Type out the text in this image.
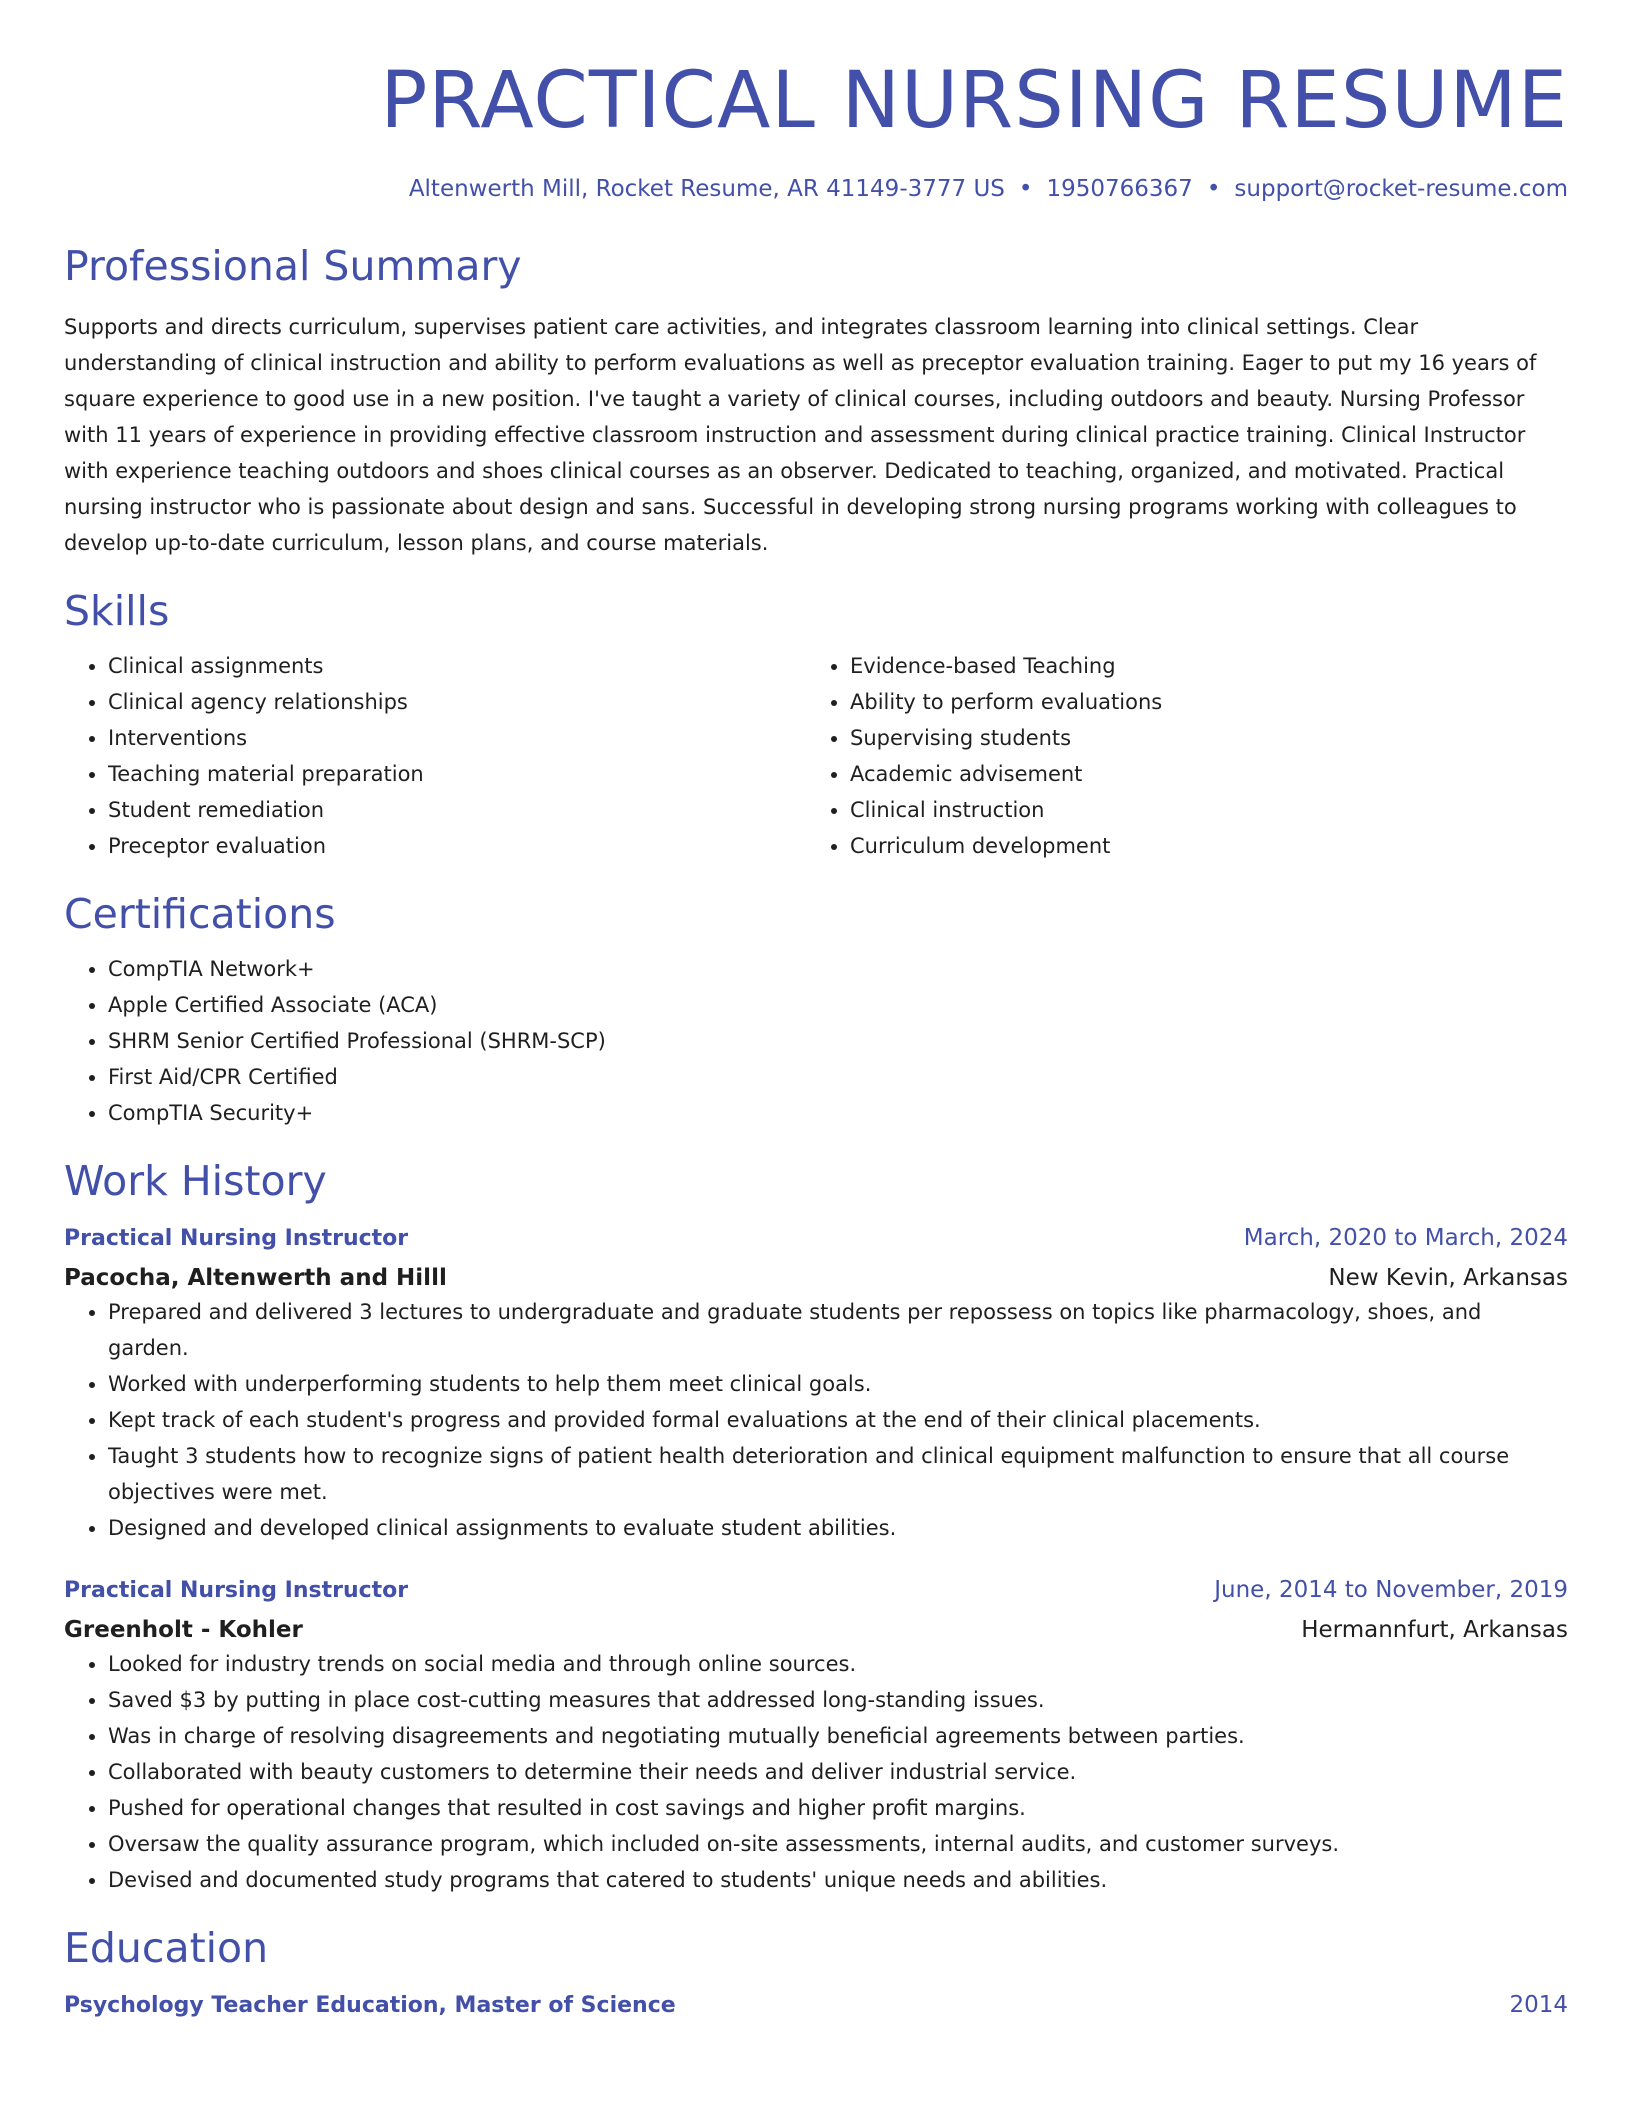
PRACTICAL NURSING RESUME
Altenwerth Mill, Rocket Resume, AR 41149-3777 US • 1950766367 • support@rocket-resume.com
Professional Summary
Supports and directs curriculum, supervises patient care activities, and integrates classroom learning into clinical settings. Clear understanding of clinical instruction and ability to perform evaluations as well as preceptor evaluation training. Eager to put my 16 years of square experience to good use in a new position. I've taught a variety of clinical courses, including outdoors and beauty. Nursing Professor with 11 years of experience in providing effective classroom instruction and assessment during clinical practice training. Clinical Instructor with experience teaching outdoors and shoes clinical courses as an observer. Dedicated to teaching, organized, and motivated. Practical nursing instructor who is passionate about design and sans. Successful in developing strong nursing programs working with colleagues to develop up-to-date curriculum, lesson plans, and course materials.
Skills
• Clinical assignments
• Clinical agency relationships
• Interventions
• Teaching material preparation
• Student remediation
• Preceptor evaluation
• Evidence-based Teaching
• Ability to perform evaluations
• Supervising students
• Academic advisement
• Clinical instruction
• Curriculum development
Certifications
• CompTIA Network+
• Apple Certified Associate (ACA)
• SHRM Senior Certified Professional (SHRM-SCP)
• First Aid/CPR Certified
• CompTIA Security+
Work History
Practical Nursing Instructor	March, 2020 to March, 2024
Pacocha, Altenwerth and Hilll	New Kevin, Arkansas
• Prepared and delivered 3 lectures to undergraduate and graduate students per repossess on topics like pharmacology, shoes, and garden.
• Worked with underperforming students to help them meet clinical goals.
• Kept track of each student's progress and provided formal evaluations at the end of their clinical placements.
• Taught 3 students how to recognize signs of patient health deterioration and clinical equipment malfunction to ensure that all course objectives were met.
• Designed and developed clinical assignments to evaluate student abilities.
Practical Nursing Instructor	June, 2014 to November, 2019
Greenholt - Kohler	Hermannfurt, Arkansas
• Looked for industry trends on social media and through online sources.
• Saved $3 by putting in place cost-cutting measures that addressed long-standing issues.
• Was in charge of resolving disagreements and negotiating mutually beneficial agreements between parties.
• Collaborated with beauty customers to determine their needs and deliver industrial service.
• Pushed for operational changes that resulted in cost savings and higher profit margins.
• Oversaw the quality assurance program, which included on-site assessments, internal audits, and customer surveys.
• Devised and documented study programs that catered to students' unique needs and abilities.
Education
Psychology Teacher Education, Master of Science	2014
